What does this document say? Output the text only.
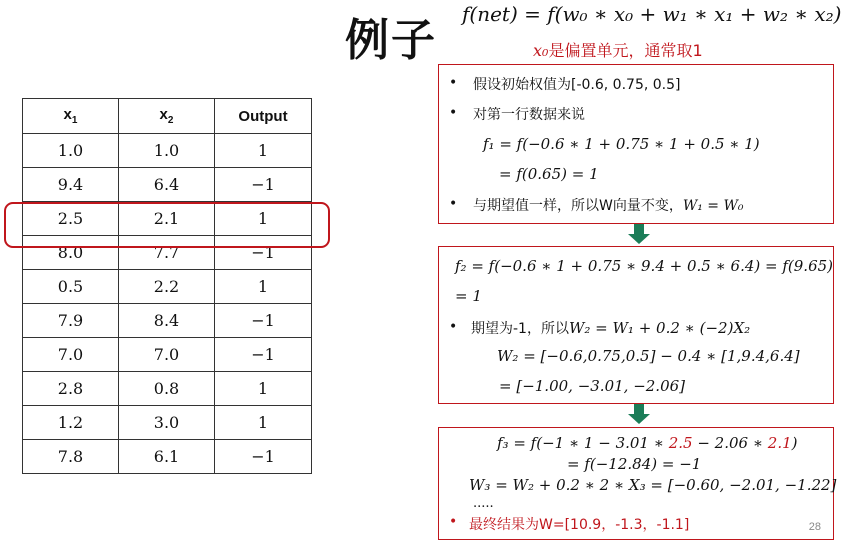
例子
f(net) = f(w₀ ∗ x₀ + w₁ ∗ x₁ + w₂ ∗ x₂)
x₀是偏置单元，通常取1
$x_1$	$x_2$	Output
1.0	1.0	1
9.4	6.4	−1
2.5	2.1	1
8.0	7.7	−1
0.5	2.2	1
7.9	8.4	−1
7.0	7.0	−1
2.8	0.8	1
1.2	3.0	1
7.8	6.1	−1
• 假设初始权值为[-0.6, 0.75, 0.5]
• 对第一行数据来说
f₁ = f(−0.6 ∗ 1 + 0.75 ∗ 1 + 0.5 ∗ 1)
= f(0.65) = 1
• 与期望值一样，所以W向量不变，W₁ = W₀
f₂ = f(−0.6 ∗ 1 + 0.75 ∗ 9.4 + 0.5 ∗ 6.4) = f(9.65)
= 1
• 期望为-1，所以W₂ = W₁ + 0.2 ∗ (−2)X₂
W₂ = [−0.6,0.75,0.5] − 0.4 ∗ [1,9.4,6.4]
= [−1.00, −3.01, −2.06]
f₃ = f(−1 ∗ 1 − 3.01 ∗ 2.5 − 2.06 ∗ 2.1)
= f(−12.84) = −1
W₃ = W₂ + 0.2 ∗ 2 ∗ X₃ = [−0.60, −2.01, −1.22]
.....
• 最终结果为W=[10.9，-1.3，-1.1]	28
